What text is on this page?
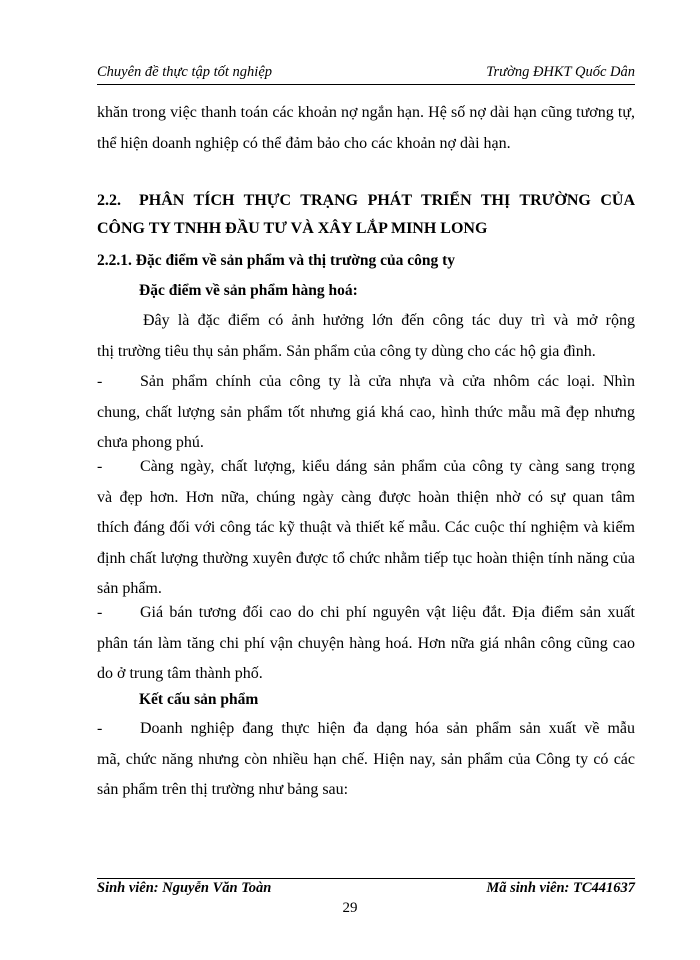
Chuyên đề thực tập tốt nghiệp	Trường ĐHKT Quốc Dân
khăn trong việc thanh toán các khoản nợ ngắn hạn. Hệ số nợ dài hạn cũng tương tự,
thể hiện doanh nghiệp có thể đảm bảo cho các khoản nợ dài hạn.
2.2. PHÂN TÍCH THỰC TRẠNG PHÁT TRIỂN THỊ TRƯỜNG CỦA
CÔNG TY TNHH ĐẦU TƯ VÀ XÂY LẮP MINH LONG
2.2.1. Đặc điểm về sản phẩm và thị trường của công ty
Đặc điểm về sản phẩm hàng hoá:
Đây là đặc điểm có ảnh hưởng lớn đến công tác duy trì và mở rộng
thị trường tiêu thụ sản phẩm. Sản phẩm của công ty dùng cho các hộ gia đình.
-	Sản phẩm chính của công ty là cửa nhựa và cửa nhôm các loại. Nhìn
chung, chất lượng sản phẩm tốt nhưng giá khá cao, hình thức mẫu mã đẹp nhưng
chưa phong phú.
-	Càng ngày, chất lượng, kiểu dáng sản phẩm của công ty càng sang trọng
và đẹp hơn. Hơn nữa, chúng ngày càng được hoàn thiện nhờ có sự quan tâm
thích đáng đối với công tác kỹ thuật và thiết kế mẫu. Các cuộc thí nghiệm và kiểm
định chất lượng thường xuyên được tổ chức nhằm tiếp tục hoàn thiện tính năng của
sản phẩm.
-	Giá bán tương đối cao do chi phí nguyên vật liệu đắt. Địa điểm sản xuất
phân tán làm tăng chi phí vận chuyện hàng hoá. Hơn nữa giá nhân công cũng cao
do ở trung tâm thành phố.
Kết cấu sản phẩm
-	Doanh nghiệp đang thực hiện đa dạng hóa sản phẩm sản xuất về mẫu
mã, chức năng nhưng còn nhiều hạn chế. Hiện nay, sản phẩm của Công ty có các
sản phẩm trên thị trường như bảng sau:
Sinh viên: Nguyễn Văn Toàn	Mã sinh viên: TC441637
29
